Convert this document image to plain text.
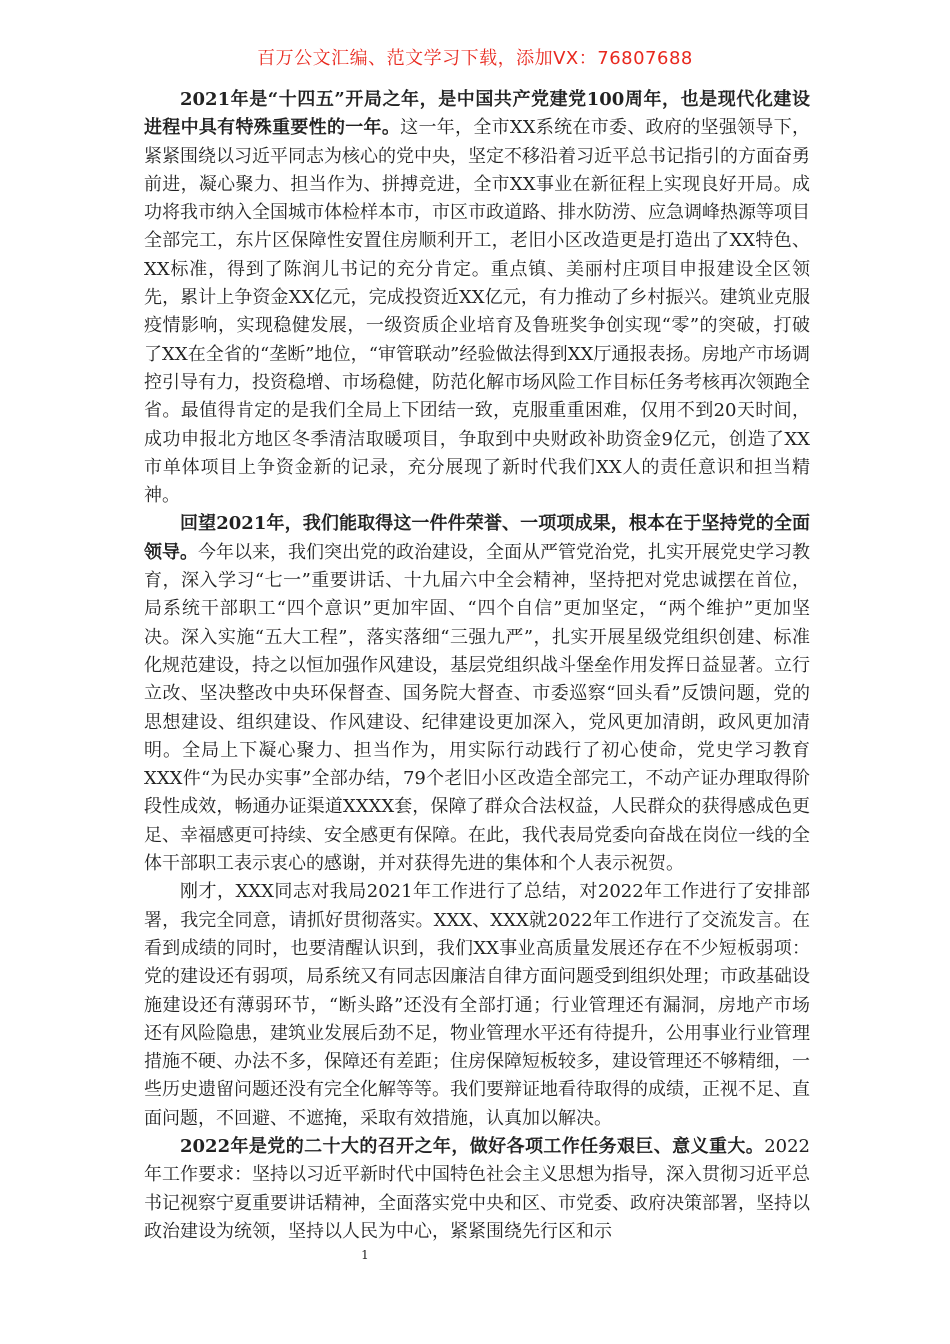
百万公文汇编、范文学习下载，添加VX：76807688

2021年是“十四五”开局之年，是中国共产党建党100周年，也是现代化建设进程中具有特殊重要性的一年。这一年，全市XX系统在市委、政府的坚强领导下，紧紧围绕以习近平同志为核心的党中央，坚定不移沿着习近平总书记指引的方面奋勇前进，凝心聚力、担当作为、拼搏竞进，全市XX事业在新征程上实现良好开局。成功将我市纳入全国城市体检样本市，市区市政道路、排水防涝、应急调峰热源等项目全部完工，东片区保障性安置住房顺利开工，老旧小区改造更是打造出了XX特色、XX标准，得到了陈润儿书记的充分肯定。重点镇、美丽村庄项目申报建设全区领先，累计上争资金XX亿元，完成投资近XX亿元，有力推动了乡村振兴。建筑业克服疫情影响，实现稳健发展，一级资质企业培育及鲁班奖争创实现“零”的突破，打破了XX在全省的“垄断”地位，“审管联动”经验做法得到XX厅通报表扬。房地产市场调控引导有力，投资稳增、市场稳健，防范化解市场风险工作目标任务考核再次领跑全省。最值得肯定的是我们全局上下团结一致，克服重重困难，仅用不到20天时间，成功申报北方地区冬季清洁取暖项目，争取到中央财政补助资金9亿元，创造了XX市单体项目上争资金新的记录，充分展现了新时代我们XX人的责任意识和担当精神。

回望2021年，我们能取得这一件件荣誉、一项项成果，根本在于坚持党的全面领导。今年以来，我们突出党的政治建设，全面从严管党治党，扎实开展党史学习教育，深入学习“七一”重要讲话、十九届六中全会精神，坚持把对党忠诚摆在首位，局系统干部职工“四个意识”更加牢固、“四个自信”更加坚定，“两个维护”更加坚决。深入实施“五大工程”，落实落细“三强九严”，扎实开展星级党组织创建、标准化规范建设，持之以恒加强作风建设，基层党组织战斗堡垒作用发挥日益显著。立行立改、坚决整改中央环保督查、国务院大督查、市委巡察“回头看”反馈问题，党的思想建设、组织建设、作风建设、纪律建设更加深入，党风更加清朗，政风更加清明。全局上下凝心聚力、担当作为，用实际行动践行了初心使命，党史学习教育XXX件“为民办实事”全部办结，79个老旧小区改造全部完工，不动产证办理取得阶段性成效，畅通办证渠道XXXX套，保障了群众合法权益，人民群众的获得感成色更足、幸福感更可持续、安全感更有保障。在此，我代表局党委向奋战在岗位一线的全体干部职工表示衷心的感谢，并对获得先进的集体和个人表示祝贺。

刚才，XXX同志对我局2021年工作进行了总结，对2022年工作进行了安排部署，我完全同意，请抓好贯彻落实。XXX、XXX就2022年工作进行了交流发言。在看到成绩的同时，也要清醒认识到，我们XX事业高质量发展还存在不少短板弱项：党的建设还有弱项，局系统又有同志因廉洁自律方面问题受到组织处理；市政基础设施建设还有薄弱环节，“断头路”还没有全部打通；行业管理还有漏洞，房地产市场还有风险隐患，建筑业发展后劲不足，物业管理水平还有待提升，公用事业行业管理措施不硬、办法不多，保障还有差距；住房保障短板较多，建设管理还不够精细，一些历史遗留问题还没有完全化解等等。我们要辩证地看待取得的成绩，正视不足、直面问题，不回避、不遮掩，采取有效措施，认真加以解决。

2022年是党的二十大的召开之年，做好各项工作任务艰巨、意义重大。2022年工作要求：坚持以习近平新时代中国特色社会主义思想为指导，深入贯彻习近平总书记视察宁夏重要讲话精神，全面落实党中央和区、市党委、政府决策部署，坚持以政治建设为统领，坚持以人民为中心，紧紧围绕先行区和示

1
